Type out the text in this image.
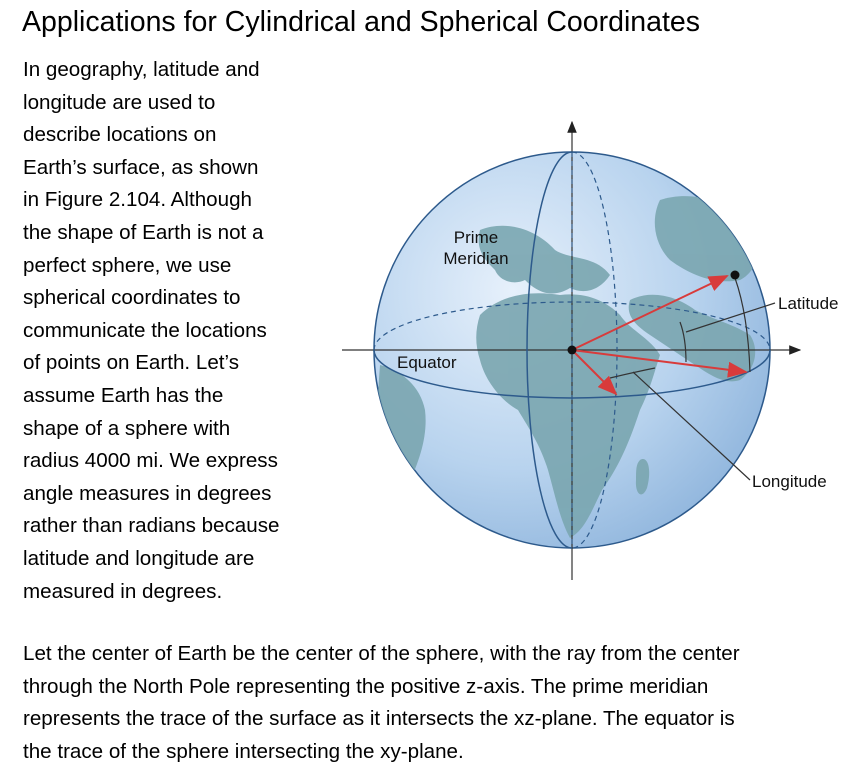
Applications for Cylindrical and Spherical Coordinates
In geography, latitude and
longitude are used to
describe locations on
Earth’s surface, as shown
in Figure 2.104. Although
the shape of Earth is not a
perfect sphere, we use
spherical coordinates to
communicate the locations
of points on Earth. Let’s
assume Earth has the
shape of a sphere with
radius 4000 mi. We express
angle measures in degrees
rather than radians because
latitude and longitude are
measured in degrees.
Prime
Meridian
Equator
Latitude
Longitude
Let the center of Earth be the center of the sphere, with the ray from the center
through the North Pole representing the positive z-axis. The prime meridian
represents the trace of the surface as it intersects the xz-plane. The equator is
the trace of the sphere intersecting the xy-plane.
